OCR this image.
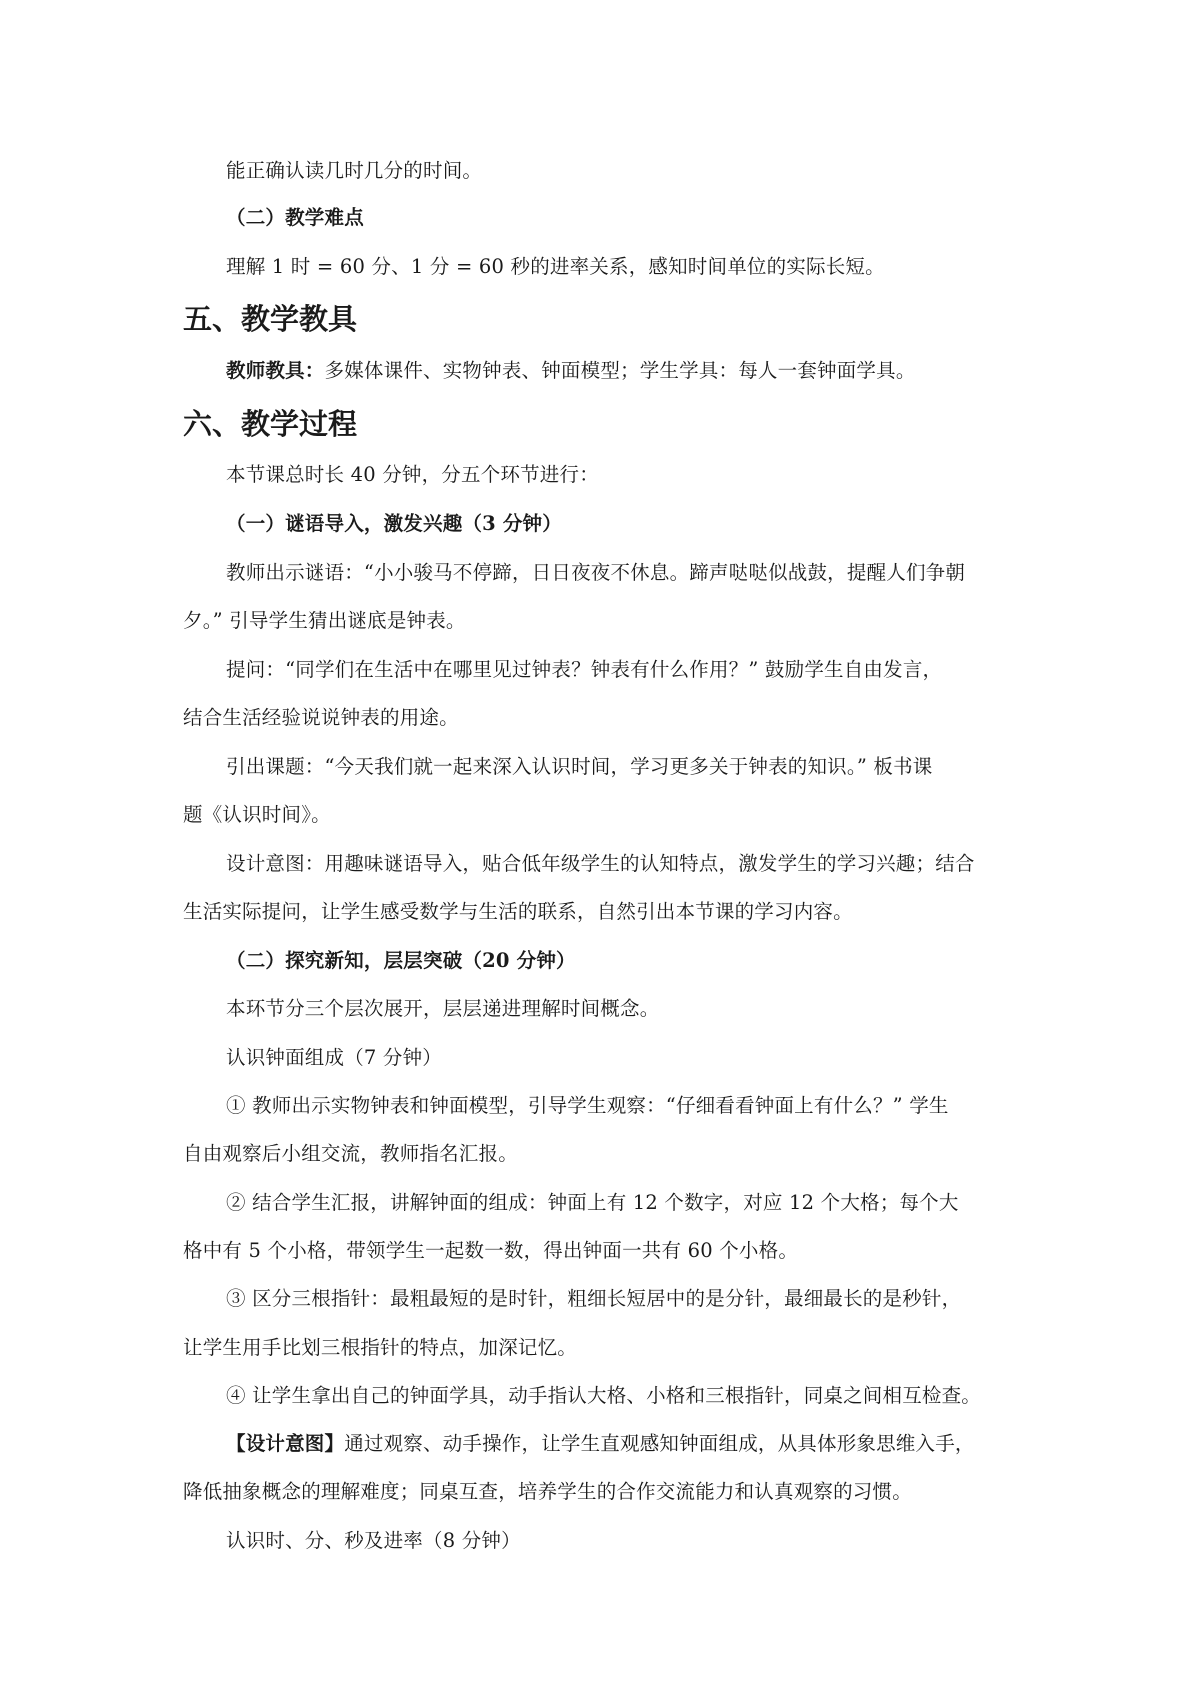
能正确认读几时几分的时间。
（二）教学难点
理解 1 时 = 60 分、1 分 = 60 秒的进率关系，感知时间单位的实际长短。
五、教学教具
教师教具：多媒体课件、实物钟表、钟面模型；学生学具：每人一套钟面学具。
六、教学过程
本节课总时长 40 分钟，分五个环节进行：
（一）谜语导入，激发兴趣（3 分钟）
教师出示谜语：“小小骏马不停蹄，日日夜夜不休息。蹄声哒哒似战鼓，提醒人们争朝
夕。” 引导学生猜出谜底是钟表。
提问：“同学们在生活中在哪里见过钟表？钟表有什么作用？” 鼓励学生自由发言，
结合生活经验说说钟表的用途。
引出课题：“今天我们就一起来深入认识时间，学习更多关于钟表的知识。” 板书课
题《认识时间》。
设计意图：用趣味谜语导入，贴合低年级学生的认知特点，激发学生的学习兴趣；结合
生活实际提问，让学生感受数学与生活的联系，自然引出本节课的学习内容。
（二）探究新知，层层突破（20 分钟）
本环节分三个层次展开，层层递进理解时间概念。
认识钟面组成（7 分钟）
① 教师出示实物钟表和钟面模型，引导学生观察：“仔细看看钟面上有什么？” 学生
自由观察后小组交流，教师指名汇报。
② 结合学生汇报，讲解钟面的组成：钟面上有 12 个数字，对应 12 个大格；每个大
格中有 5 个小格，带领学生一起数一数，得出钟面一共有 60 个小格。
③ 区分三根指针：最粗最短的是时针，粗细长短居中的是分针，最细最长的是秒针，
让学生用手比划三根指针的特点，加深记忆。
④ 让学生拿出自己的钟面学具，动手指认大格、小格和三根指针，同桌之间相互检查。
【设计意图】通过观察、动手操作，让学生直观感知钟面组成，从具体形象思维入手，
降低抽象概念的理解难度；同桌互查，培养学生的合作交流能力和认真观察的习惯。
认识时、分、秒及进率（8 分钟）
